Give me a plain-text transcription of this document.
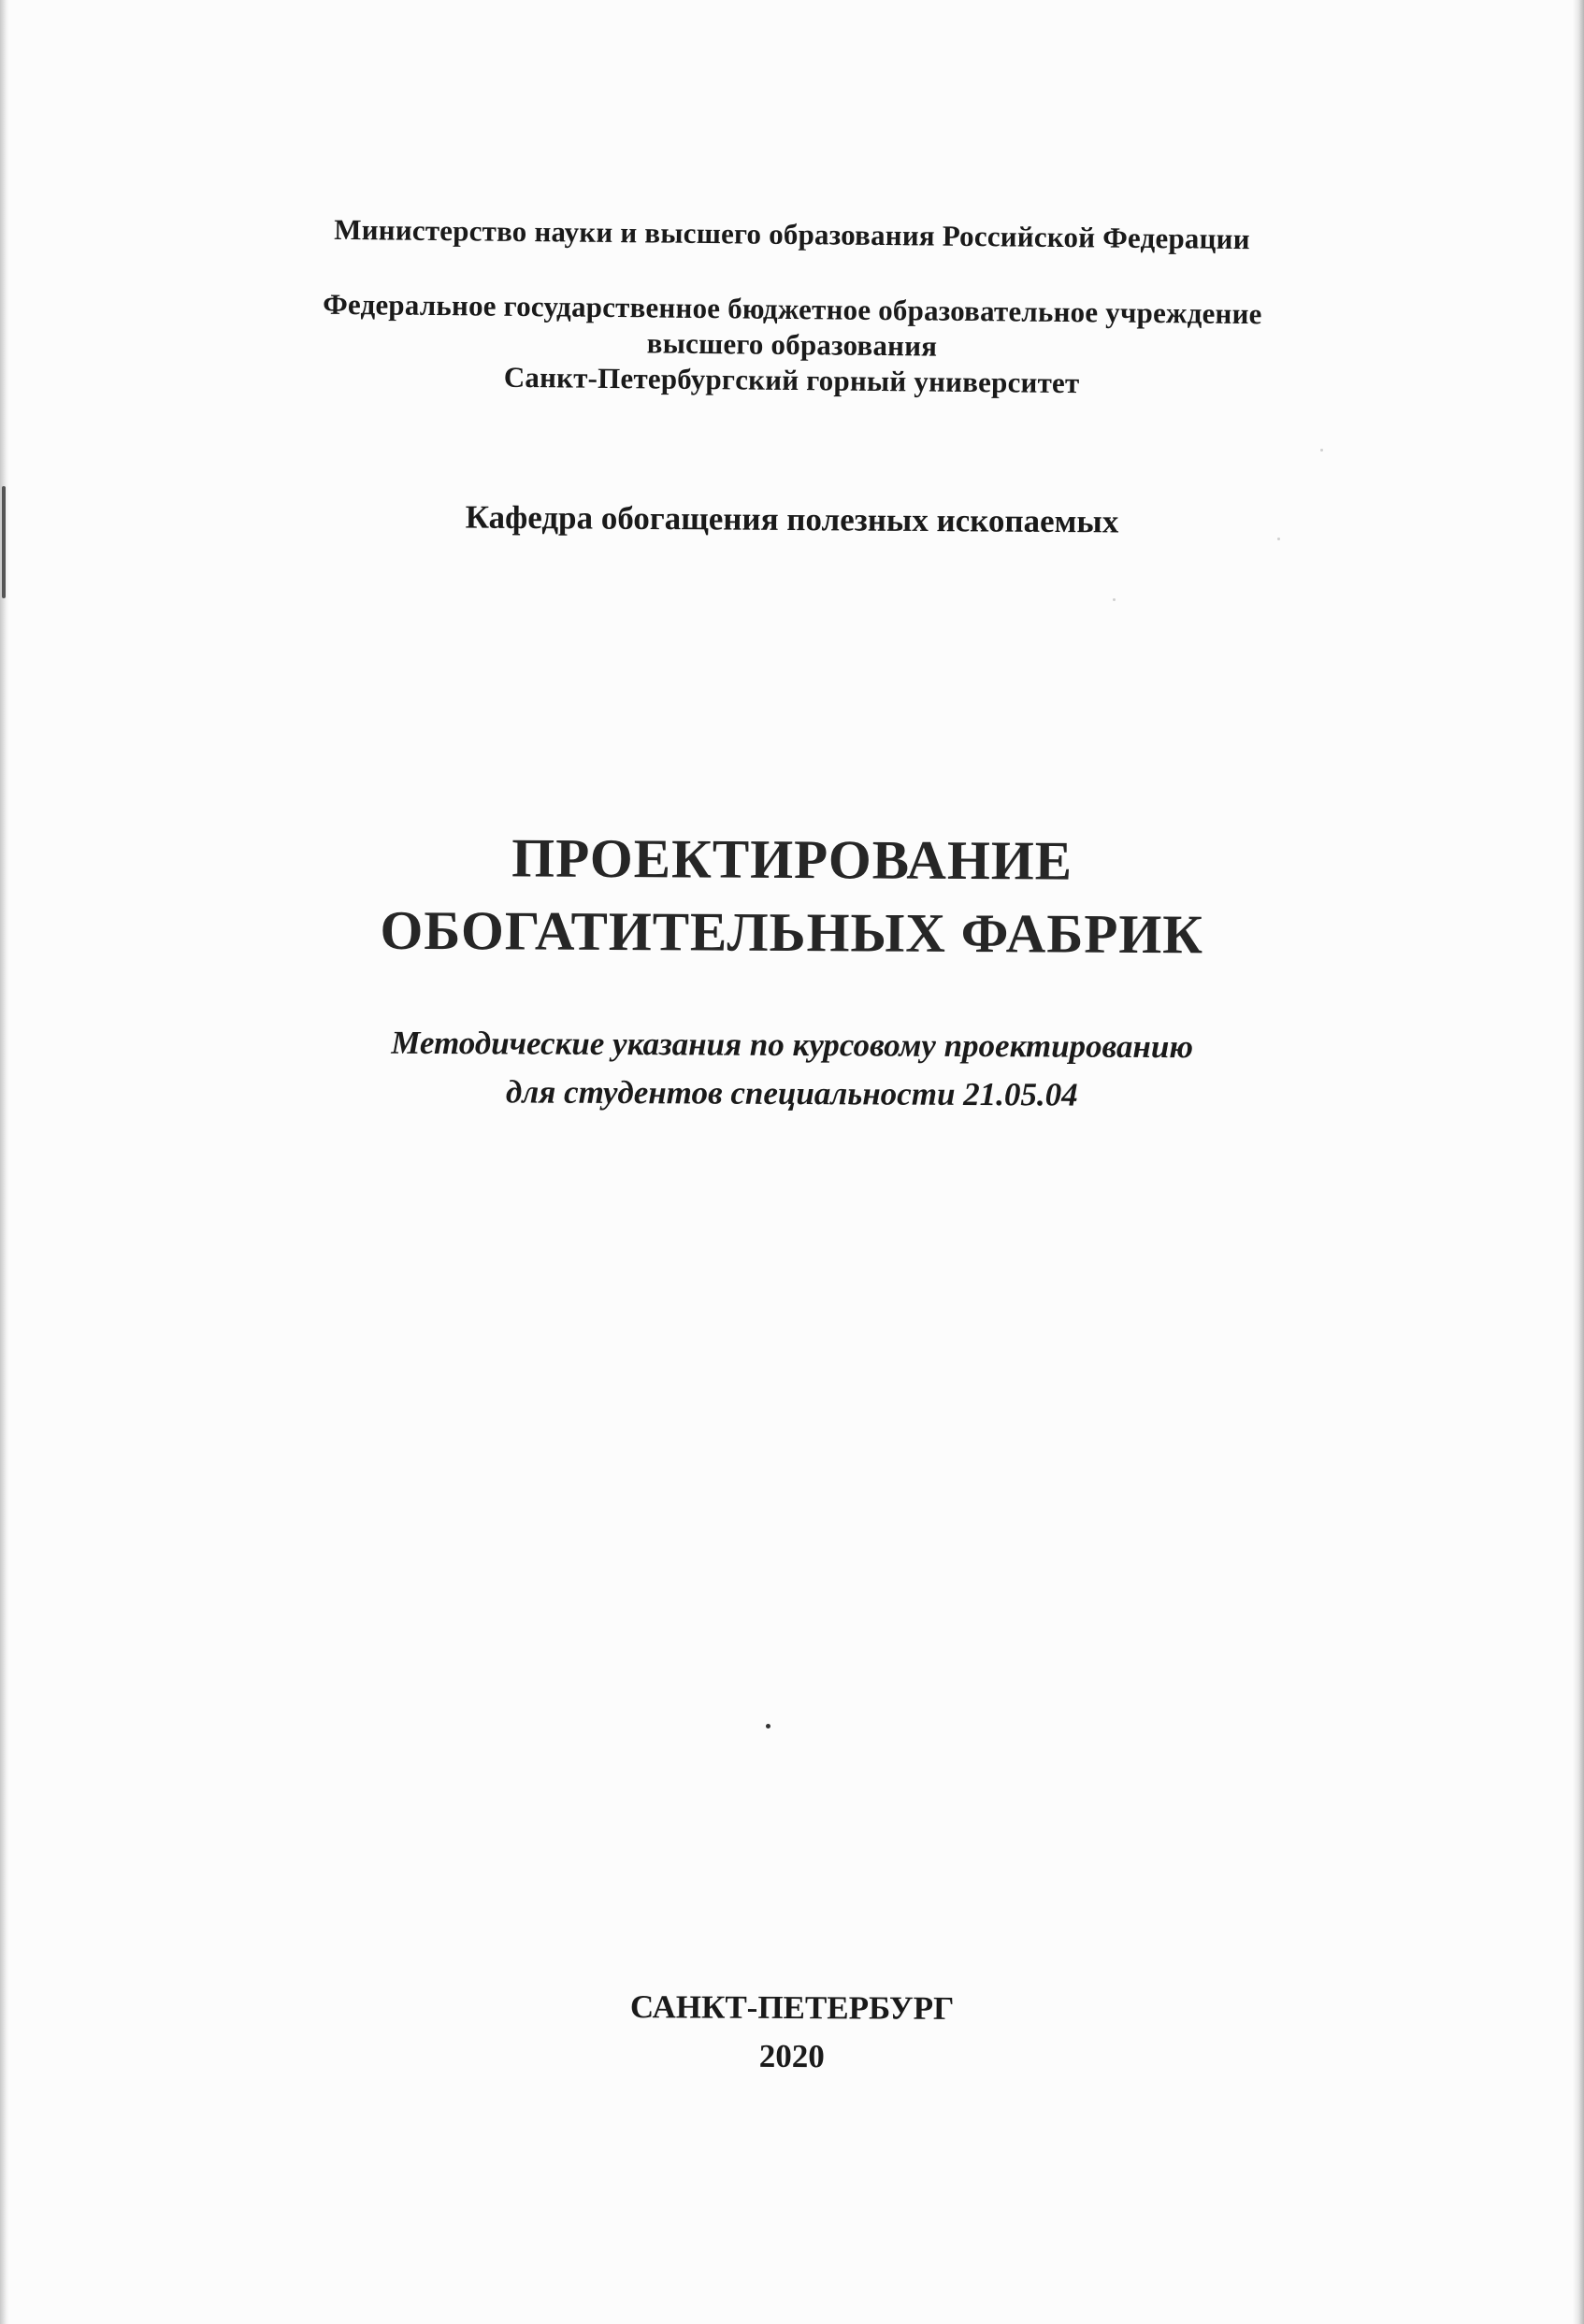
Министерство науки и высшего образования Российской Федерации
Федеральное государственное бюджетное образовательное учреждение
высшего образования
Санкт-Петербургский горный университет
Кафедра обогащения полезных ископаемых
ПРОЕКТИРОВАНИЕ
ОБОГАТИТЕЛЬНЫХ ФАБРИК
Методические указания по курсовому проектированию
для студентов специальности 21.05.04
САНКТ-ПЕТЕРБУРГ
2020
